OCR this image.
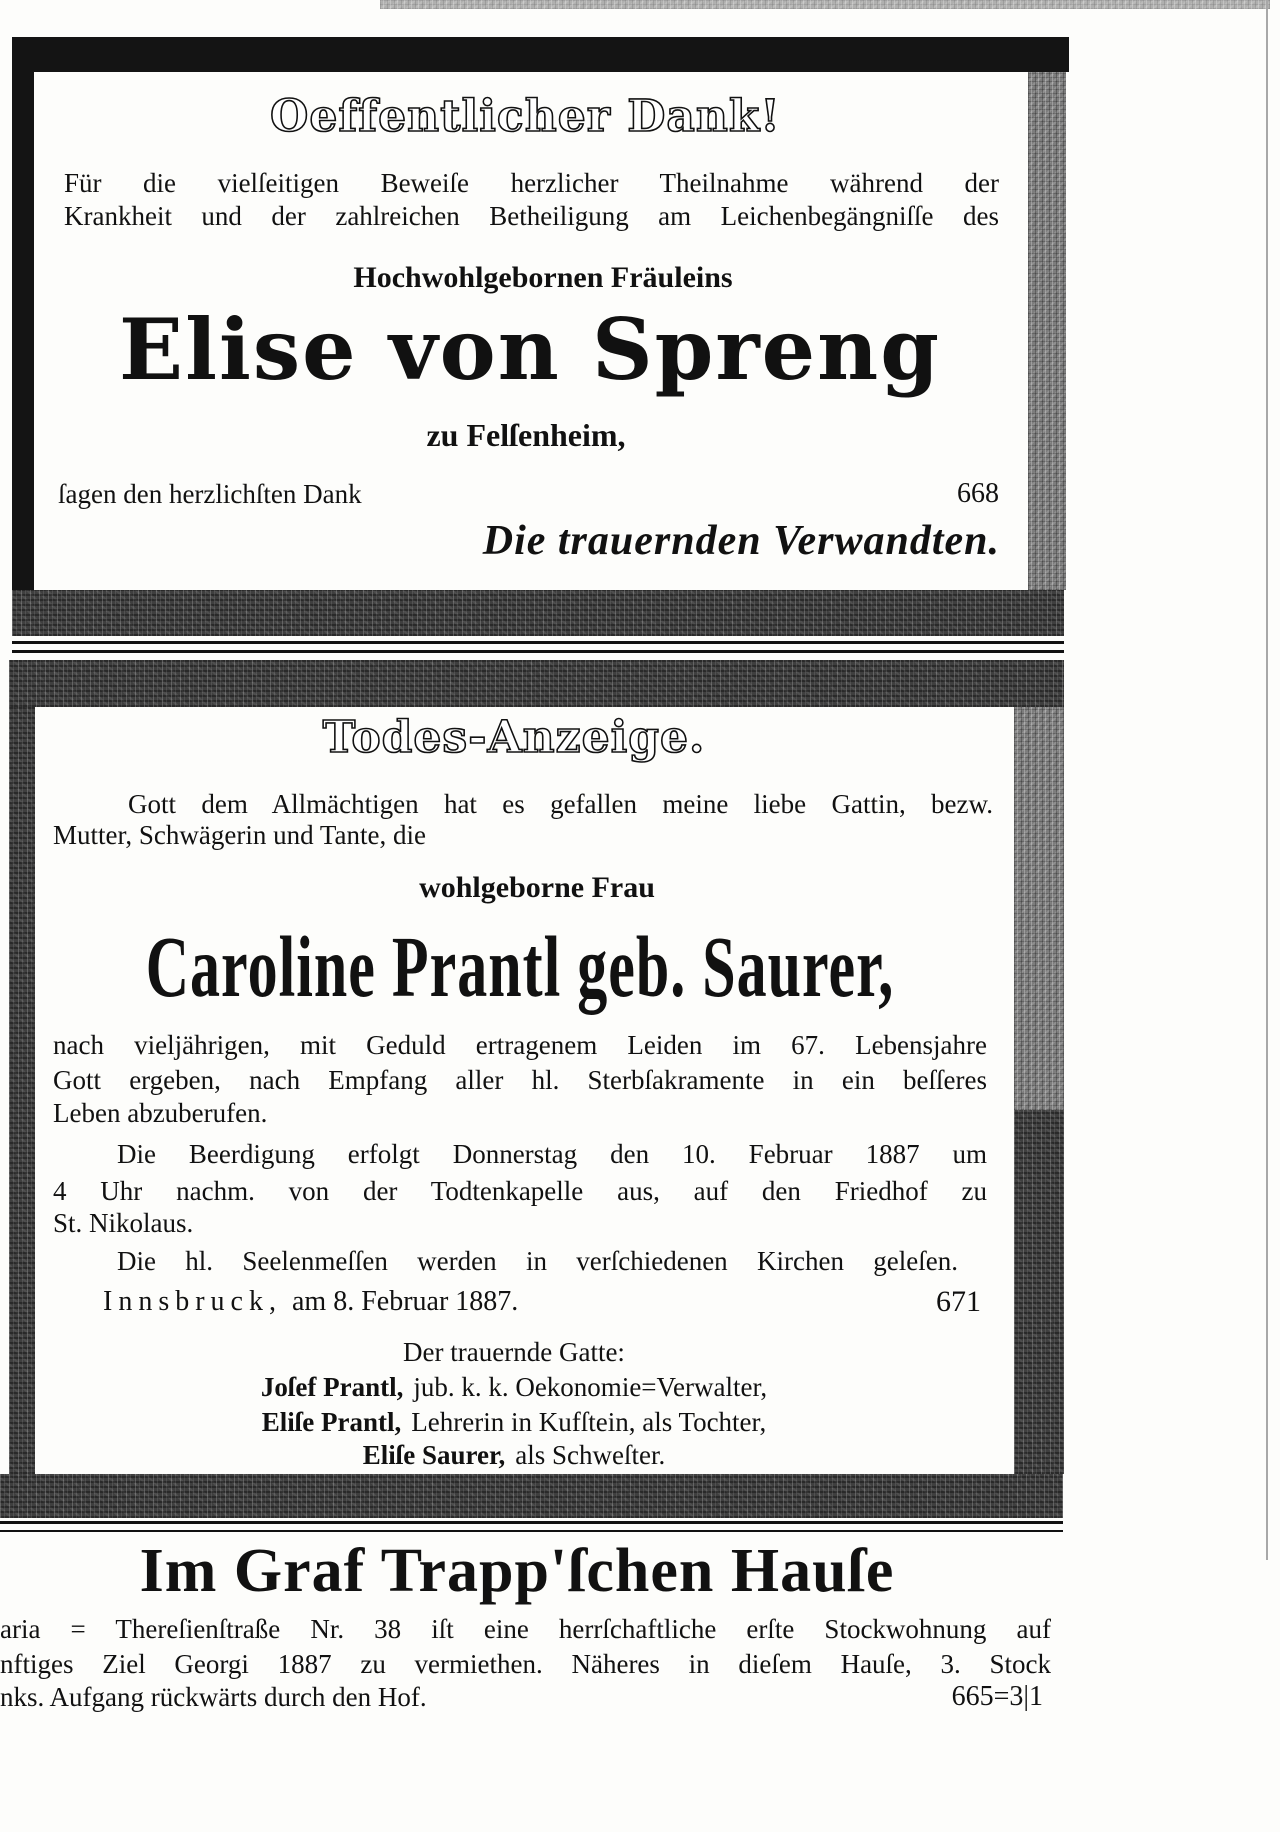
Oeffentlicher Dank!
Für die vielſeitigen Beweiſe herzlicher Theilnahme während der
Krankheit und der zahlreichen Betheiligung am Leichenbegängniſſe des
Hochwohlgebornen Fräuleins
Elise von Spreng
zu Felſenheim,
ſagen den herzlichſten Dank	668
Die trauernden Verwandten.
Todes-Anzeige.
Gott dem Allmächtigen hat es gefallen meine liebe Gattin, bezw.
Mutter, Schwägerin und Tante, die
wohlgeborne Frau
Caroline Prantl geb. Saurer,
nach vieljährigen, mit Geduld ertragenem Leiden im 67. Lebensjahre
Gott ergeben, nach Empfang aller hl. Sterbſakramente in ein beſſeres
Leben abzuberufen.
Die Beerdigung erfolgt Donnerstag den 10. Februar 1887 um
4 Uhr nachm. von der Todtenkapelle aus, auf den Friedhof zu
St. Nikolaus.
Die hl. Seelenmeſſen werden in verſchiedenen Kirchen geleſen.
Innsbruck, am 8. Februar 1887.	671
Der trauernde Gatte:
Joſef Prantl, jub. k. k. Oekonomie=Verwalter,
Eliſe Prantl, Lehrerin in Kufſtein, als Tochter,
Eliſe Saurer, als Schweſter.
Im Graf Trapp'ſchen Hauſe
aria = Thereſienſtraße Nr. 38 iſt eine herrſchaftliche erſte Stockwohnung auf
nftiges Ziel Georgi 1887 zu vermiethen. Näheres in dieſem Hauſe, 3. Stock
nks. Aufgang rückwärts durch den Hof.	665=3|1
